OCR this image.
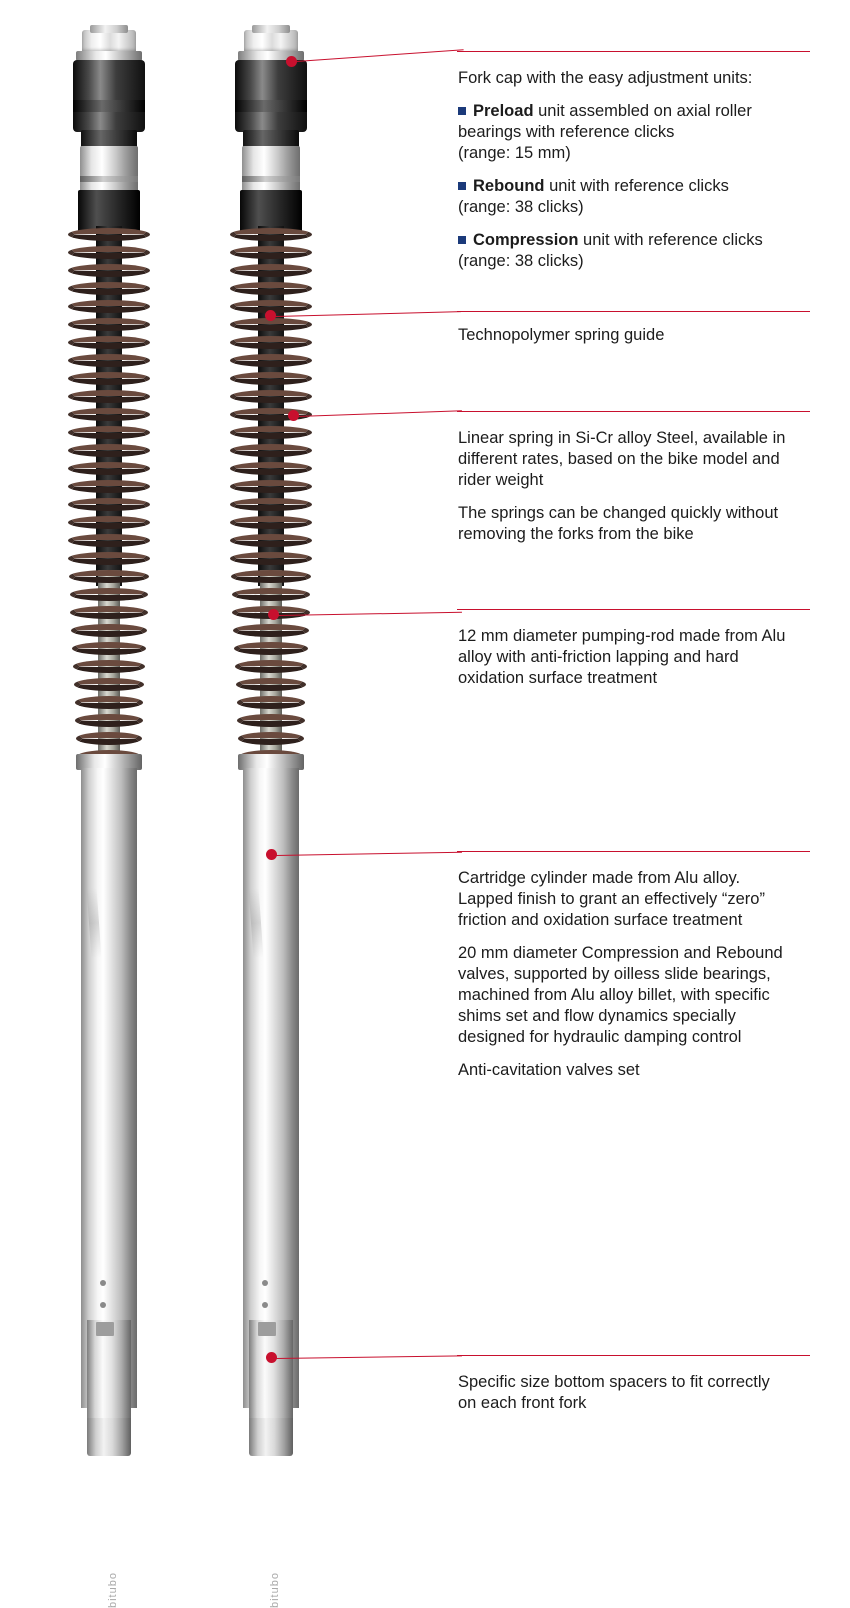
bitubo	bitubo

Fork cap with the easy adjustment units:

Preload unit assembled on axial roller bearings with reference clicks

(range: 15 mm)

Rebound unit with reference clicks

(range: 38 clicks)

Compression unit with reference clicks

(range: 38 clicks)

Technopolymer spring guide

Linear spring in Si-Cr alloy Steel, available in different rates, based on the bike model and rider weight

The springs can be changed quickly without removing the forks from the bike

12 mm diameter pumping-rod made from Alu alloy with anti-friction lapping and hard oxidation surface treatment

Cartridge cylinder made from Alu alloy. Lapped finish to grant an effectively “zero” friction and oxidation surface treatment

20 mm diameter Compression and Rebound valves, supported by oilless slide bearings, machined from Alu alloy billet, with specific shims set and flow dynamics specially designed for hydraulic damping control

Anti-cavitation valves set

Specific size bottom spacers to fit correctly on each front fork
